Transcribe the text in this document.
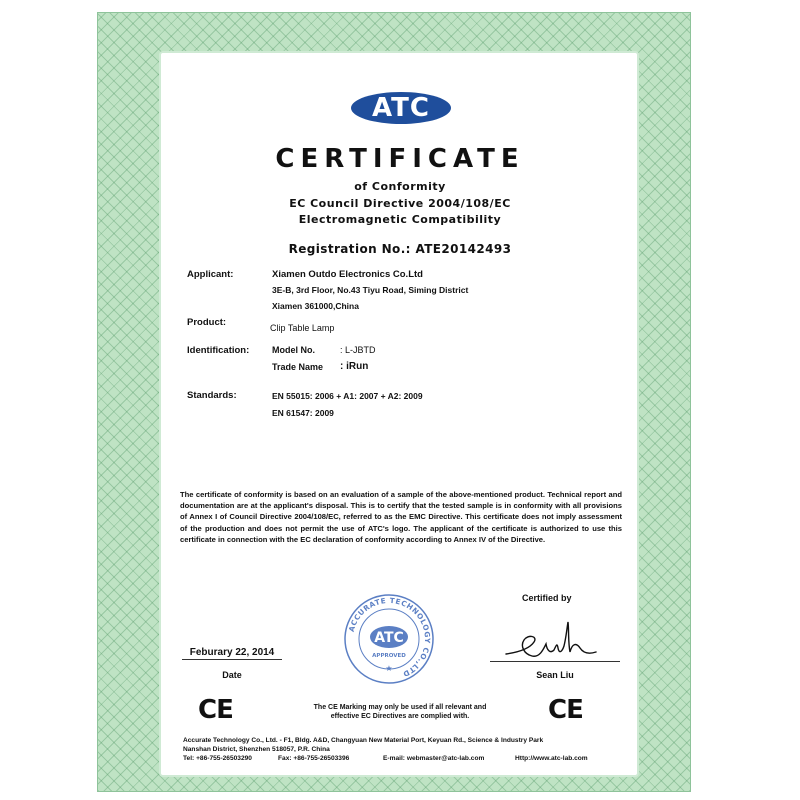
ATC
CERTIFICATE
of Conformity
EC Council Directive 2004/108/EC
Electromagnetic Compatibility
Registration No.: ATE20142493
Applicant:	Xiamen Outdo Electronics Co.Ltd
3E-B, 3rd Floor, No.43 Tiyu Road, Siming District
Xiamen 361000,China
Product:	Clip Table Lamp
Identification:	Model No.	: L-JBTD
Trade Name : iRun
Standards:	EN 55015: 2006 + A1: 2007 + A2: 2009
EN 61547: 2009
The certificate of conformity is based on an evaluation of a sample of the above-mentioned product. Technical report and documentation are at the applicant's disposal. This is to certify that the tested sample is in conformity with all provisions of Annex I of Council Directive 2004/108/EC, referred to as the EMC Directive. This certificate does not imply assessment of the production and does not permit the use of ATC's logo. The applicant of the certificate is authorized to use this certificate in connection with the EC declaration of conformity according to Annex IV of the Directive.
Certified by
ACCURATE TECHNOLOGY CO.,LTD
ATC
APPROVED
★
Feburary 22, 2014
Date	Sean Liu
CE	CE
The CE Marking may only be used if all relevant and
effective EC Directives are complied with.
Accurate Technology Co., Ltd. - F1, Bldg. A&D, Changyuan New Material Port, Keyuan Rd., Science & Industry Park
Nanshan District, Shenzhen 518057, P.R. China
Tel: +86-755-26503290	Fax: +86-755-26503396	E-mail: webmaster@atc-lab.com	Http://www.atc-lab.com
